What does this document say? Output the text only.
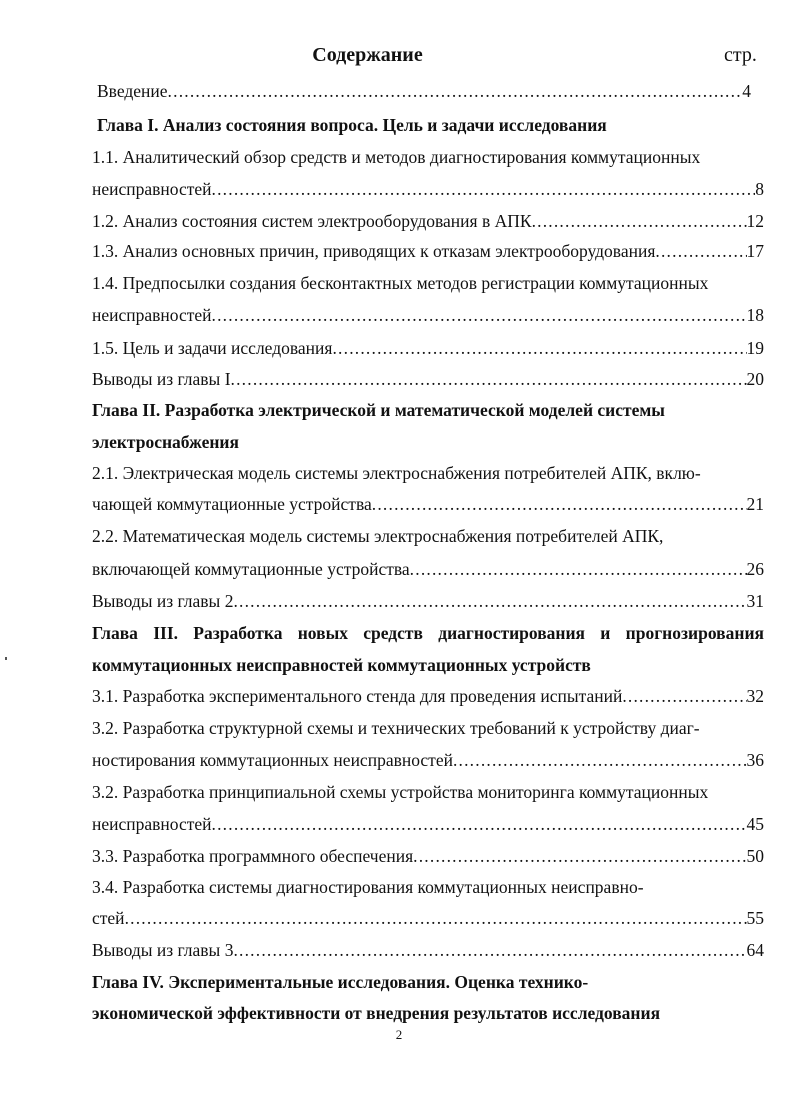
Содержание	стр.
Введение .....	4
Глава I. Анализ состояния вопроса. Цель и задачи исследования
1.1. Аналитический обзор средств и методов диагностирования коммутационных
неисправностей .....	8
1.2. Анализ состояния систем электрооборудования в АПК .....	12
1.3. Анализ основных причин, приводящих к отказам электрооборудования .....	17
1.4. Предпосылки создания бесконтактных методов регистрации коммутационных
неисправностей .....	18
1.5. Цель и задачи исследования .....	19
Выводы из главы I .....	20
Глава II. Разработка электрической и математической моделей системы
электроснабжения
2.1. Электрическая модель системы электроснабжения потребителей АПК, вклю-
чающей коммутационные устройства .....	21
2.2. Математическая модель системы электроснабжения потребителей АПК,
включающей коммутационные устройства .....	26
Выводы из главы 2 .....	31
Глава III. Разработка новых средств диагностирования и прогнозирования
коммутационных неисправностей коммутационных устройств
3.1. Разработка экспериментального стенда для проведения испытаний .....	32
3.2. Разработка структурной схемы и технических требований к устройству диаг-
ностирования коммутационных неисправностей .....	36
3.2. Разработка принципиальной схемы устройства мониторинга коммутационных
неисправностей .....	45
3.3. Разработка программного обеспечения .....	50
3.4. Разработка системы диагностирования коммутационных неисправно-
стей .....	55
Выводы из главы 3 .....	64
Глава IV. Экспериментальные исследования. Оценка технико-
экономической эффективности от внедрения результатов исследования
2
